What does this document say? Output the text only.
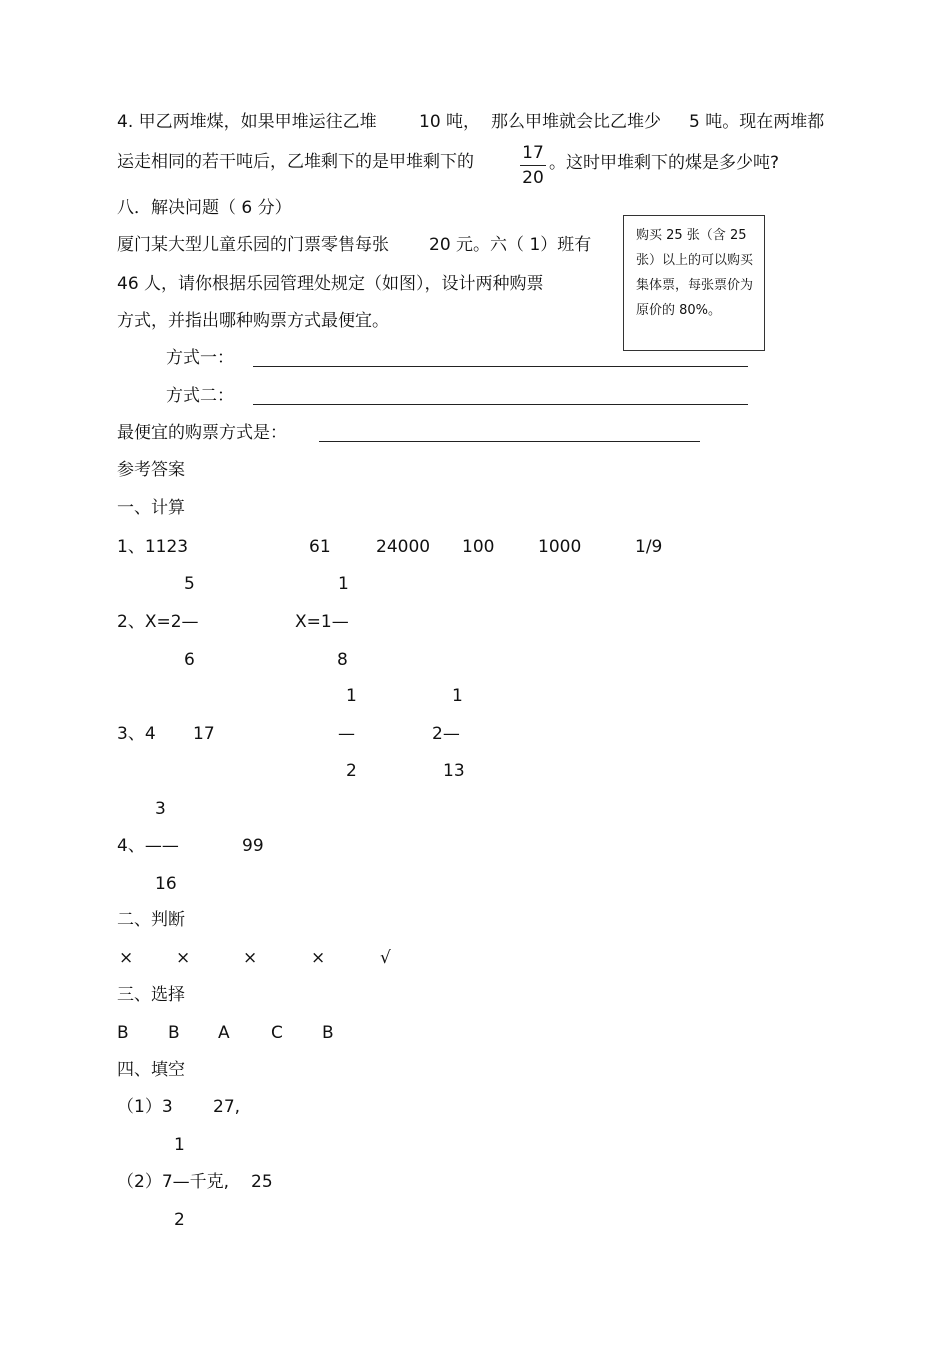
4. 甲乙两堆煤，如果甲堆运往乙堆 10 吨， 那么甲堆就会比乙堆少 5 吨。现在两堆都
运走相同的若干吨后，乙堆剩下的是甲堆剩下的	17
20
。这时甲堆剩下的煤是多少吨?
八．解决问题（ 6 分）
厦门某大型儿童乐园的门票零售每张 20 元。六（ 1）班有
46 人，请你根据乐园管理处规定（如图），设计两种购票
方式，并指出哪种购票方式最便宜。
购买 25 张（含 25 张）以上的可以购买集体票，每张票价为原价的 80%。
方式一：
方式二：
最便宜的购票方式是：
参考答案
一、计算
1、1123	61	24000 100	1000	1/9
5	1
2、X=2—	X=1—
6	8
1	1
3、4 17	—	2—
2	13
3
4、——	99
16
二、判断
×	×	×	×	√
三、选择
B B A C B
四、填空
（1）3 27,
1
（2）7—千克, 25
2
